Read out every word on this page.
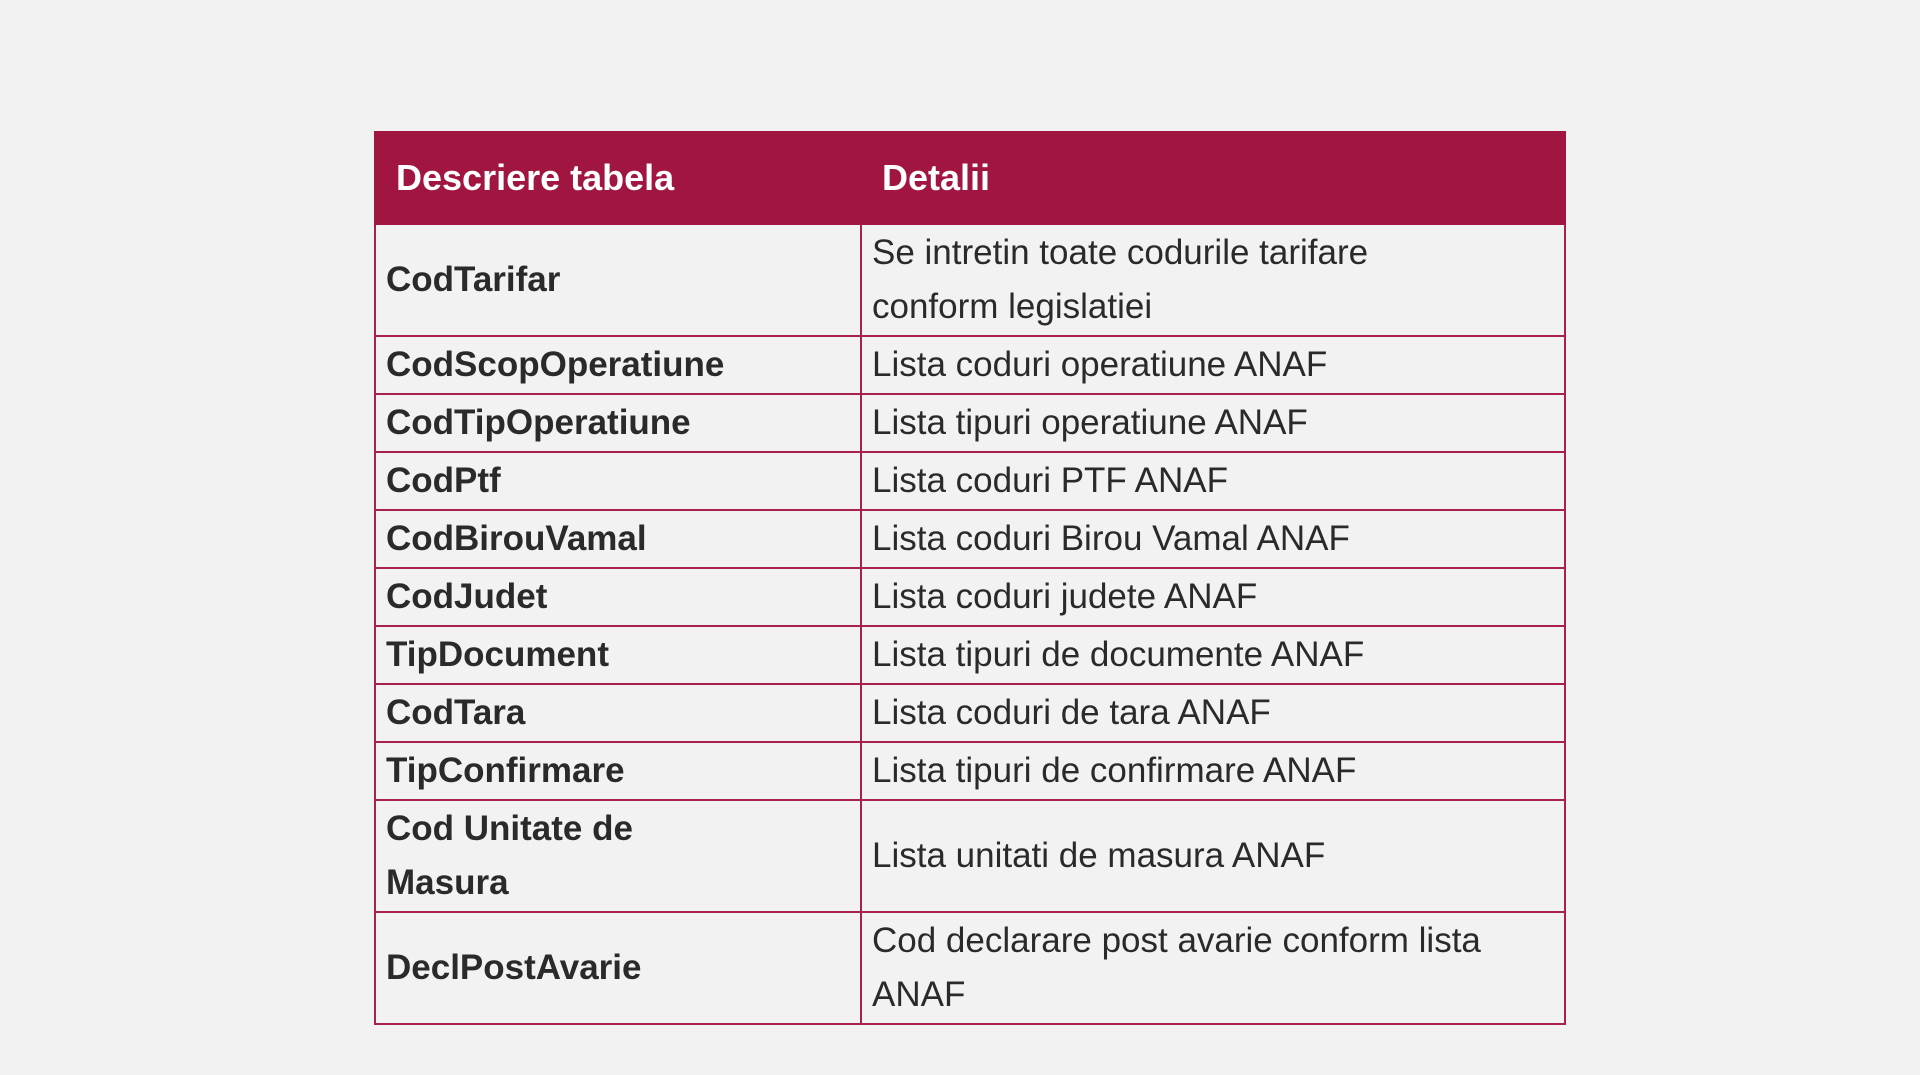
Descriere tabela	Detalii
CodTarifar	Se intretin toate codurile tarifare conform legislatiei
CodScopOperatiune	Lista coduri operatiune ANAF
CodTipOperatiune	Lista tipuri operatiune ANAF
CodPtf	Lista coduri PTF ANAF
CodBirouVamal	Lista coduri Birou Vamal ANAF
CodJudet	Lista coduri judete ANAF
TipDocument	Lista tipuri de documente ANAF
CodTara	Lista coduri de tara ANAF
TipConfirmare	Lista tipuri de confirmare ANAF
Cod Unitate de Masura	Lista unitati de masura ANAF
DeclPostAvarie	Cod declarare post avarie conform lista ANAF
